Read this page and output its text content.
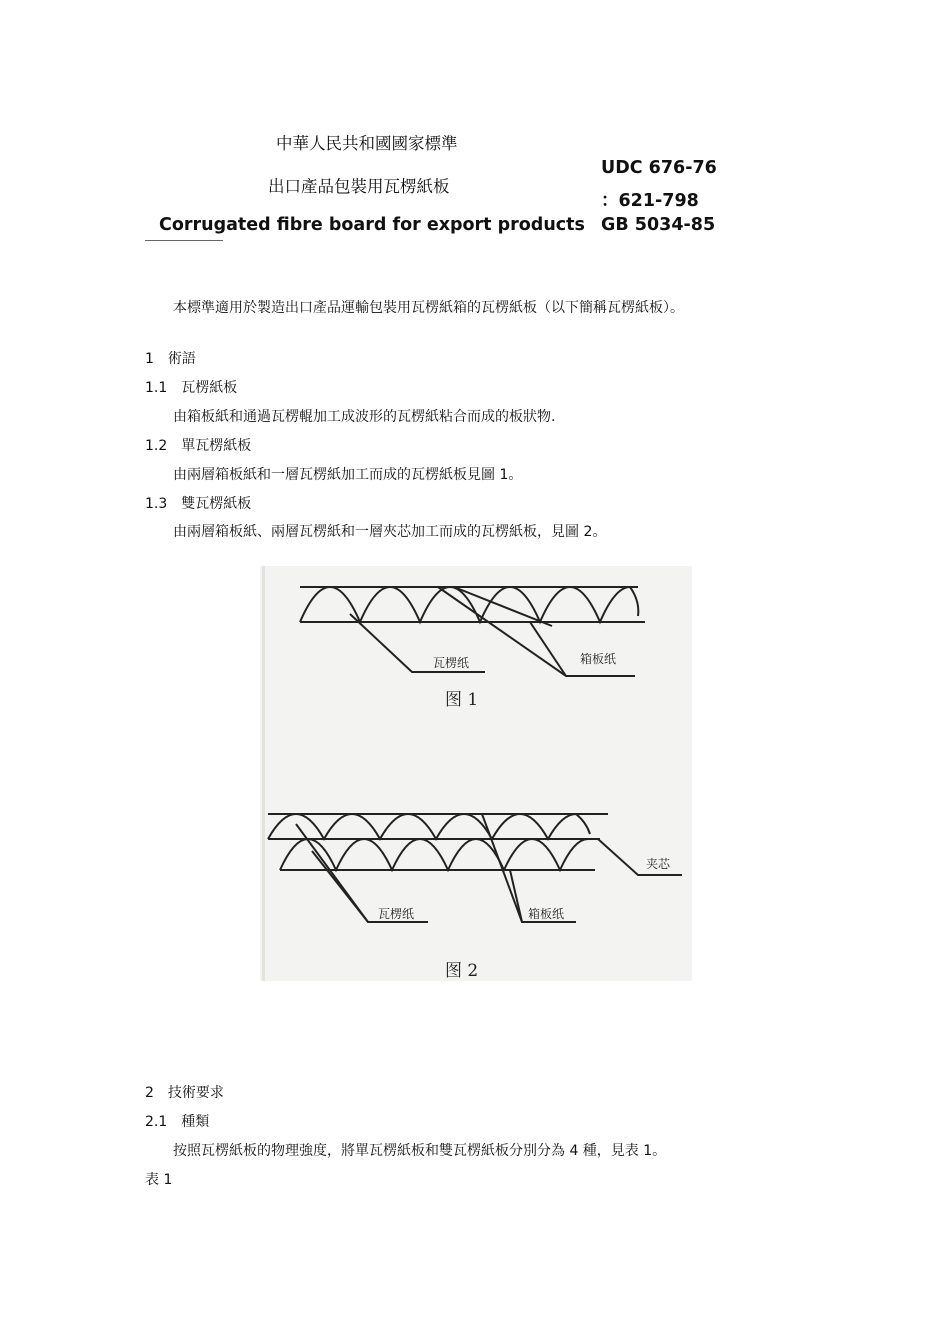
中華人民共和國國家標準
出口產品包裝用瓦楞紙板
UDC 676-76
：621-798
Corrugated fibre board for export products GB 5034-85
本標準適用於製造出口產品運輸包裝用瓦楞紙箱的瓦楞紙板（以下簡稱瓦楞紙板）。
1　術語
1.1　瓦楞紙板
由箱板紙和通過瓦楞輥加工成波形的瓦楞紙粘合而成的板狀物.
1.2　單瓦楞紙板
由兩層箱板紙和一層瓦楞紙加工而成的瓦楞紙板見圖 1。
1.3　雙瓦楞紙板
由兩層箱板紙、兩層瓦楞紙和一層夾芯加工而成的瓦楞紙板，見圖 2。
瓦楞纸	箱板纸
图 1
瓦楞纸	箱板纸
夹芯
图 2
2　技術要求
2.1　種類
按照瓦楞紙板的物理強度，將單瓦楞紙板和雙瓦楞紙板分別分為 4 種，見表 1。
表 1
